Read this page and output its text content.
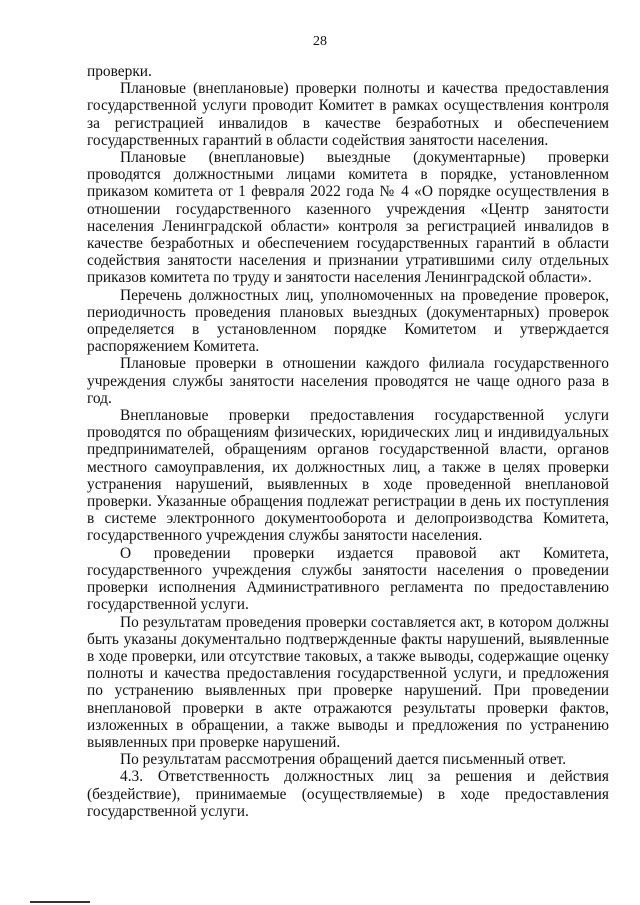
28

проверки.

Плановые (внеплановые) проверки полноты и качества предоставления государственной услуги проводит Комитет в рамках осуществления контроля за регистрацией инвалидов в качестве безработных и обеспечением государственных гарантий в области содействия занятости населения.

Плановые (внеплановые) выездные (документарные) проверки проводятся должностными лицами комитета в порядке, установленном приказом комитета от 1 февраля 2022 года № 4 «О порядке осуществления в отношении государственного казенного учреждения «Центр занятости населения Ленинградской области» контроля за регистрацией инвалидов в качестве безработных и обеспечением государственных гарантий в области содействия занятости населения и признании утратившими силу отдельных приказов комитета по труду и занятости населения Ленинградской области».

Перечень должностных лиц, уполномоченных на проведение проверок, периодичность проведения плановых выездных (документарных) проверок определяется в установленном порядке Комитетом и утверждается распоряжением Комитета.

Плановые проверки в отношении каждого филиала государственного учреждения службы занятости населения проводятся не чаще одного раза в год.

Внеплановые проверки предоставления государственной услуги проводятся по обращениям физических, юридических лиц и индивидуальных предпринимателей, обращениям органов государственной власти, органов местного самоуправления, их должностных лиц, а также в целях проверки устранения нарушений, выявленных в ходе проведенной внеплановой проверки. Указанные обращения подлежат регистрации в день их поступления в системе электронного документооборота и делопроизводства Комитета, государственного учреждения службы занятости населения.

О проведении проверки издается правовой акт Комитета, государственного учреждения службы занятости населения о проведении проверки исполнения Административного регламента по предоставлению государственной услуги.

По результатам проведения проверки составляется акт, в котором должны быть указаны документально подтвержденные факты нарушений, выявленные в ходе проверки, или отсутствие таковых, а также выводы, содержащие оценку полноты и качества предоставления государственной услуги, и предложения по устранению выявленных при проверке нарушений. При проведении внеплановой проверки в акте отражаются результаты проверки фактов, изложенных в обращении, а также выводы и предложения по устранению выявленных при проверке нарушений.

По результатам рассмотрения обращений дается письменный ответ.

4.3. Ответственность должностных лиц за решения и действия (бездействие), принимаемые (осуществляемые) в ходе предоставления государственной услуги.
